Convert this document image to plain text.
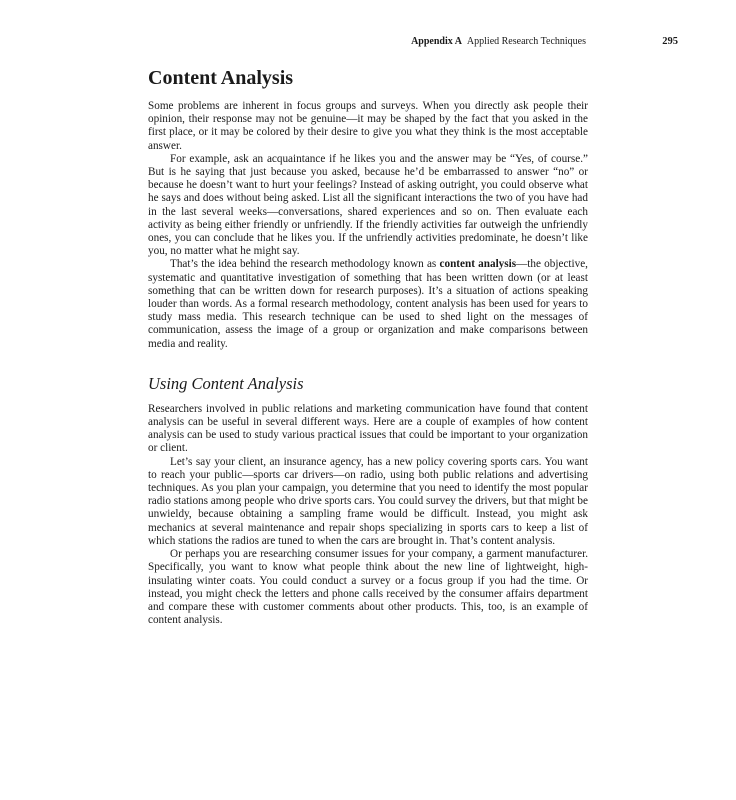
Appendix A Applied Research Techniques	295
Content Analysis

Some problems are inherent in focus groups and surveys. When you directly ask people their opinion, their response may not be genuine—it may be shaped by the fact that you asked in the first place, or it may be colored by their desire to give you what they think is the most acceptable answer.

For example, ask an acquaintance if he likes you and the answer may be “Yes, of course.” But is he saying that just because you asked, because he’d be embarrassed to answer “no” or because he doesn’t want to hurt your feelings? Instead of asking outright, you could observe what he says and does without being asked. List all the significant interactions the two of you have had in the last several weeks—conversations, shared experiences and so on. Then evaluate each activity as being either friendly or unfriendly. If the friendly activities far outweigh the unfriendly ones, you can conclude that he likes you. If the unfriendly activities predominate, he doesn’t like you, no matter what he might say.

That’s the idea behind the research methodology known as content analysis—the objective, systematic and quantitative investigation of something that has been written down (or at least something that can be written down for research purposes). It’s a situation of actions speaking louder than words. As a formal research methodology, content analysis has been used for years to study mass media. This research technique can be used to shed light on the messages of communication, assess the image of a group or organization and make comparisons between media and reality.

Using Content Analysis

Researchers involved in public relations and marketing communication have found that content analysis can be useful in several different ways. Here are a couple of examples of how content analysis can be used to study various practical issues that could be important to your organization or client.

Let’s say your client, an insurance agency, has a new policy covering sports cars. You want to reach your public—sports car drivers—on radio, using both public relations and advertising techniques. As you plan your campaign, you determine that you need to identify the most popular radio stations among people who drive sports cars. You could survey the drivers, but that might be unwieldy, because obtaining a sampling frame would be difficult. Instead, you might ask mechanics at several maintenance and repair shops specializing in sports cars to keep a list of which stations the radios are tuned to when the cars are brought in. That’s content analysis.

Or perhaps you are researching consumer issues for your company, a garment manufacturer. Specifically, you want to know what people think about the new line of lightweight, high-insulating winter coats. You could conduct a survey or a focus group if you had the time. Or instead, you might check the letters and phone calls received by the consumer affairs department and compare these with customer comments about other products. This, too, is an example of content analysis.
